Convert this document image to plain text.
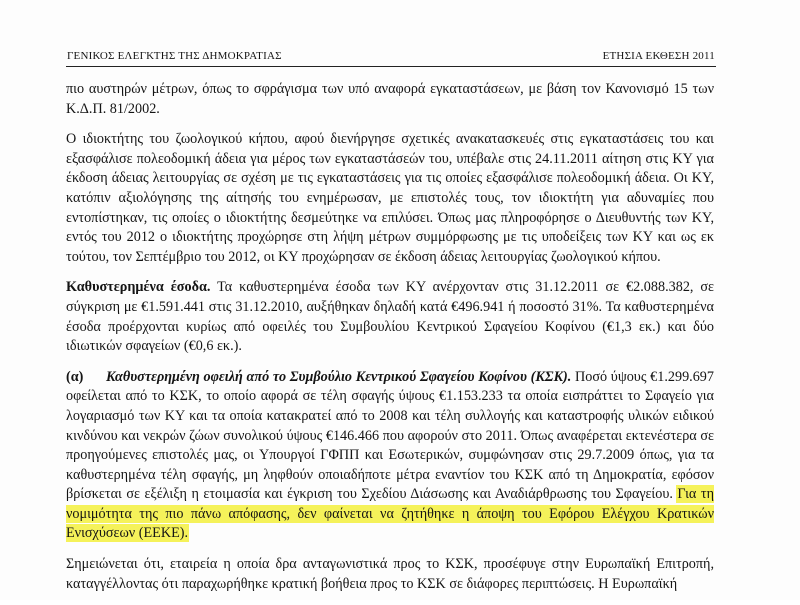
ΓΕΝΙΚΟΣ ΕΛΕΓΚΤΗΣ ΤΗΣ ΔΗΜΟΚΡΑΤΙΑΣ	ΕΤΗΣΙΑ ΕΚΘΕΣΗ 2011

πιο αυστηρών μέτρων, όπως το σφράγισμα των υπό αναφορά εγκαταστάσεων, με βάση τον Κανονισμό 15 των Κ.Δ.Π. 81/2002.

Ο ιδιοκτήτης του ζωολογικού κήπου, αφού διενήργησε σχετικές ανακατασκευές στις εγκαταστάσεις του και εξασφάλισε πολεοδομική άδεια για μέρος των εγκαταστάσεών του, υπέβαλε στις 24.11.2011 αίτηση στις ΚΥ για έκδοση άδειας λειτουργίας σε σχέση με τις εγκαταστάσεις για τις οποίες εξασφάλισε πολεοδομική άδεια. Οι ΚΥ, κατόπιν αξιολόγησης της αίτησής του ενημέρωσαν, με επιστολές τους, τον ιδιοκτήτη για αδυναμίες που εντοπίστηκαν, τις οποίες ο ιδιοκτήτης δεσμεύτηκε να επιλύσει. Όπως μας πληροφόρησε ο Διευθυντής των ΚΥ, εντός του 2012 ο ιδιοκτήτης προχώρησε στη λήψη μέτρων συμμόρφωσης με τις υποδείξεις των ΚΥ και ως εκ τούτου, τον Σεπτέμβριο του 2012, οι ΚΥ προχώρησαν σε έκδοση άδειας λειτουργίας ζωολογικού κήπου.

Καθυστερημένα έσοδα. Τα καθυστερημένα έσοδα των ΚΥ ανέρχονταν στις 31.12.2011 σε €2.088.382, σε σύγκριση με €1.591.441 στις 31.12.2010, αυξήθηκαν δηλαδή κατά €496.941 ή ποσοστό 31%. Τα καθυστερημένα έσοδα προέρχονται κυρίως από οφειλές του Συμβουλίου Κεντρικού Σφαγείου Κοφίνου (€1,3 εκ.) και δύο ιδιωτικών σφαγείων (€0,6 εκ.).

(α) Καθυστερημένη οφειλή από το Συμβούλιο Κεντρικού Σφαγείου Κοφίνου (ΚΣΚ). Ποσό ύψους €1.299.697 οφείλεται από το ΚΣΚ, το οποίο αφορά σε τέλη σφαγής ύψους €1.153.233 τα οποία εισπράττει το Σφαγείο για λογαριασμό των ΚΥ και τα οποία κατακρατεί από το 2008 και τέλη συλλογής και καταστροφής υλικών ειδικού κινδύνου και νεκρών ζώων συνολικού ύψους €146.466 που αφορούν στο 2011. Όπως αναφέρεται εκτενέστερα σε προηγούμενες επιστολές μας, οι Υπουργοί ΓΦΠΠ και Εσωτερικών, συμφώνησαν στις 29.7.2009 όπως, για τα καθυστερημένα τέλη σφαγής, μη ληφθούν οποιαδήποτε μέτρα εναντίον του ΚΣΚ από τη Δημοκρατία, εφόσον βρίσκεται σε εξέλιξη η ετοιμασία και έγκριση του Σχεδίου Διάσωσης και Αναδιάρθρωσης του Σφαγείου. Για τη νομιμότητα της πιο πάνω απόφασης, δεν φαίνεται να ζητήθηκε η άποψη του Εφόρου Ελέγχου Κρατικών Ενισχύσεων (ΕΕΚΕ).

Σημειώνεται ότι, εταιρεία η οποία δρα ανταγωνιστικά προς το ΚΣΚ, προσέφυγε στην Ευρωπαϊκή Επιτροπή, καταγγέλλοντας ότι παραχωρήθηκε κρατική βοήθεια προς το ΚΣΚ σε διάφορες περιπτώσεις. Η Ευρωπαϊκή
